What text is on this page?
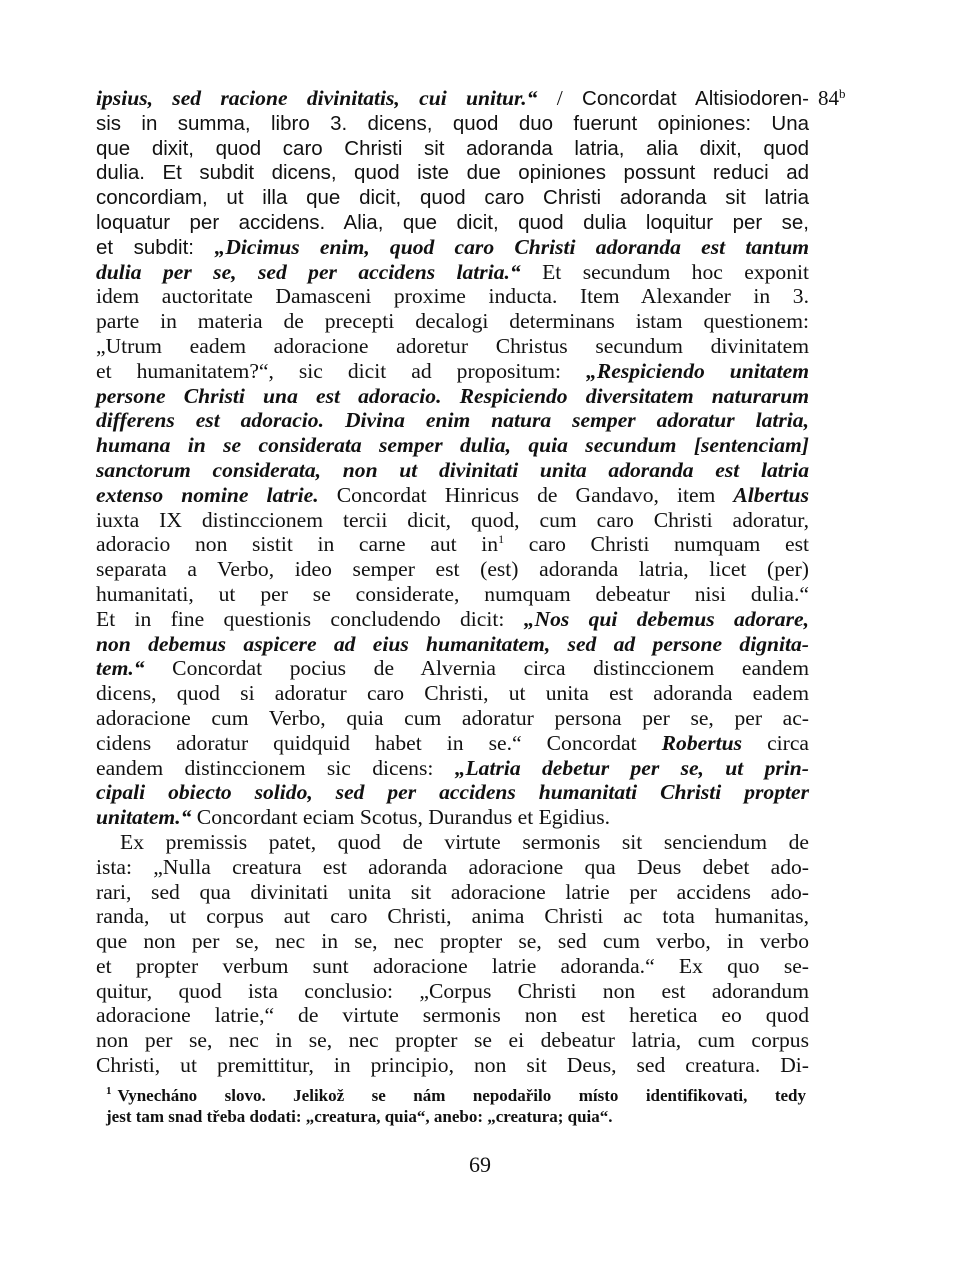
84$^b$
ipsius, sed racione divinitatis, cui unitur.“ / Concordat Altisiodoren-
sis in summa, libro 3. dicens, quod duo fuerunt opiniones: Una
que dixit, quod caro Christi sit adoranda latria, alia dixit, quod
dulia. Et subdit dicens, quod iste due opiniones possunt reduci ad
concordiam, ut illa que dicit, quod caro Christi adoranda sit latria
loquatur per accidens. Alia, que dicit, quod dulia loquitur per se,
et subdit: „Dicimus enim, quod caro Christi adoranda est tantum
dulia per se, sed per accidens latria.“ Et secundum hoc exponit
idem auctoritate Damasceni proxime inducta. Item Alexander in 3.
parte in materia de precepti decalogi determinans istam questionem:
„Utrum eadem adoracione adoretur Christus secundum divinitatem
et humanitatem?“, sic dicit ad propositum: „Respiciendo unitatem
persone Christi una est adoracio. Respiciendo diversitatem naturarum
differens est adoracio. Divina enim natura semper adoratur latria,
humana in se considerata semper dulia, quia secundum [sentenciam]
sanctorum considerata, non ut divinitati unita adoranda est latria
extenso nomine latrie. Concordat Hinricus de Gandavo, item Albertus
iuxta IX distinccionem tercii dicit, quod, cum caro Christi adoratur,
adoracio non sistit in carne aut in$^1$ caro Christi numquam est
separata a Verbo, ideo semper est (est) adoranda latria, licet (per)
humanitati, ut per se considerate, numquam debeatur nisi dulia.“
Et in fine questionis concludendo dicit: „Nos qui debemus adorare,
non debemus aspicere ad eius humanitatem, sed ad persone dignita-
tem.“ Concordat pocius de Alvernia circa distinccionem eandem
dicens, quod si adoratur caro Christi, ut unita est adoranda eadem
adoracione cum Verbo, quia cum adoratur persona per se, per ac-
cidens adoratur quidquid habet in se.“ Concordat Robertus circa
eandem distinccionem sic dicens: „Latria debetur per se, ut prin-
cipali obiecto solido, sed per accidens humanitati Christi propter
unitatem.“ Concordant eciam Scotus, Durandus et Egidius.
Ex premissis patet, quod de virtute sermonis sit senciendum de
ista: „Nulla creatura est adoranda adoracione qua Deus debet ado-
rari, sed qua divinitati unita sit adoracione latrie per accidens ado-
randa, ut corpus aut caro Christi, anima Christi ac tota humanitas,
que non per se, nec in se, nec propter se, sed cum verbo, in verbo
et propter verbum sunt adoracione latrie adoranda.“ Ex quo se-
quitur, quod ista conclusio: „Corpus Christi non est adorandum
adoracione latrie,“ de virtute sermonis non est heretica eo quod
non per se, nec in se, nec propter se ei debeatur latria, cum corpus
Christi, ut premittitur, in principio, non sit Deus, sed creatura. Di-
$^1$ Vynecháno slovo. Jelikož se nám nepodařilo místo identifikovati, tedy
jest tam snad třeba dodati: „creatura, quia“, anebo: „creatura; quia“.
69
